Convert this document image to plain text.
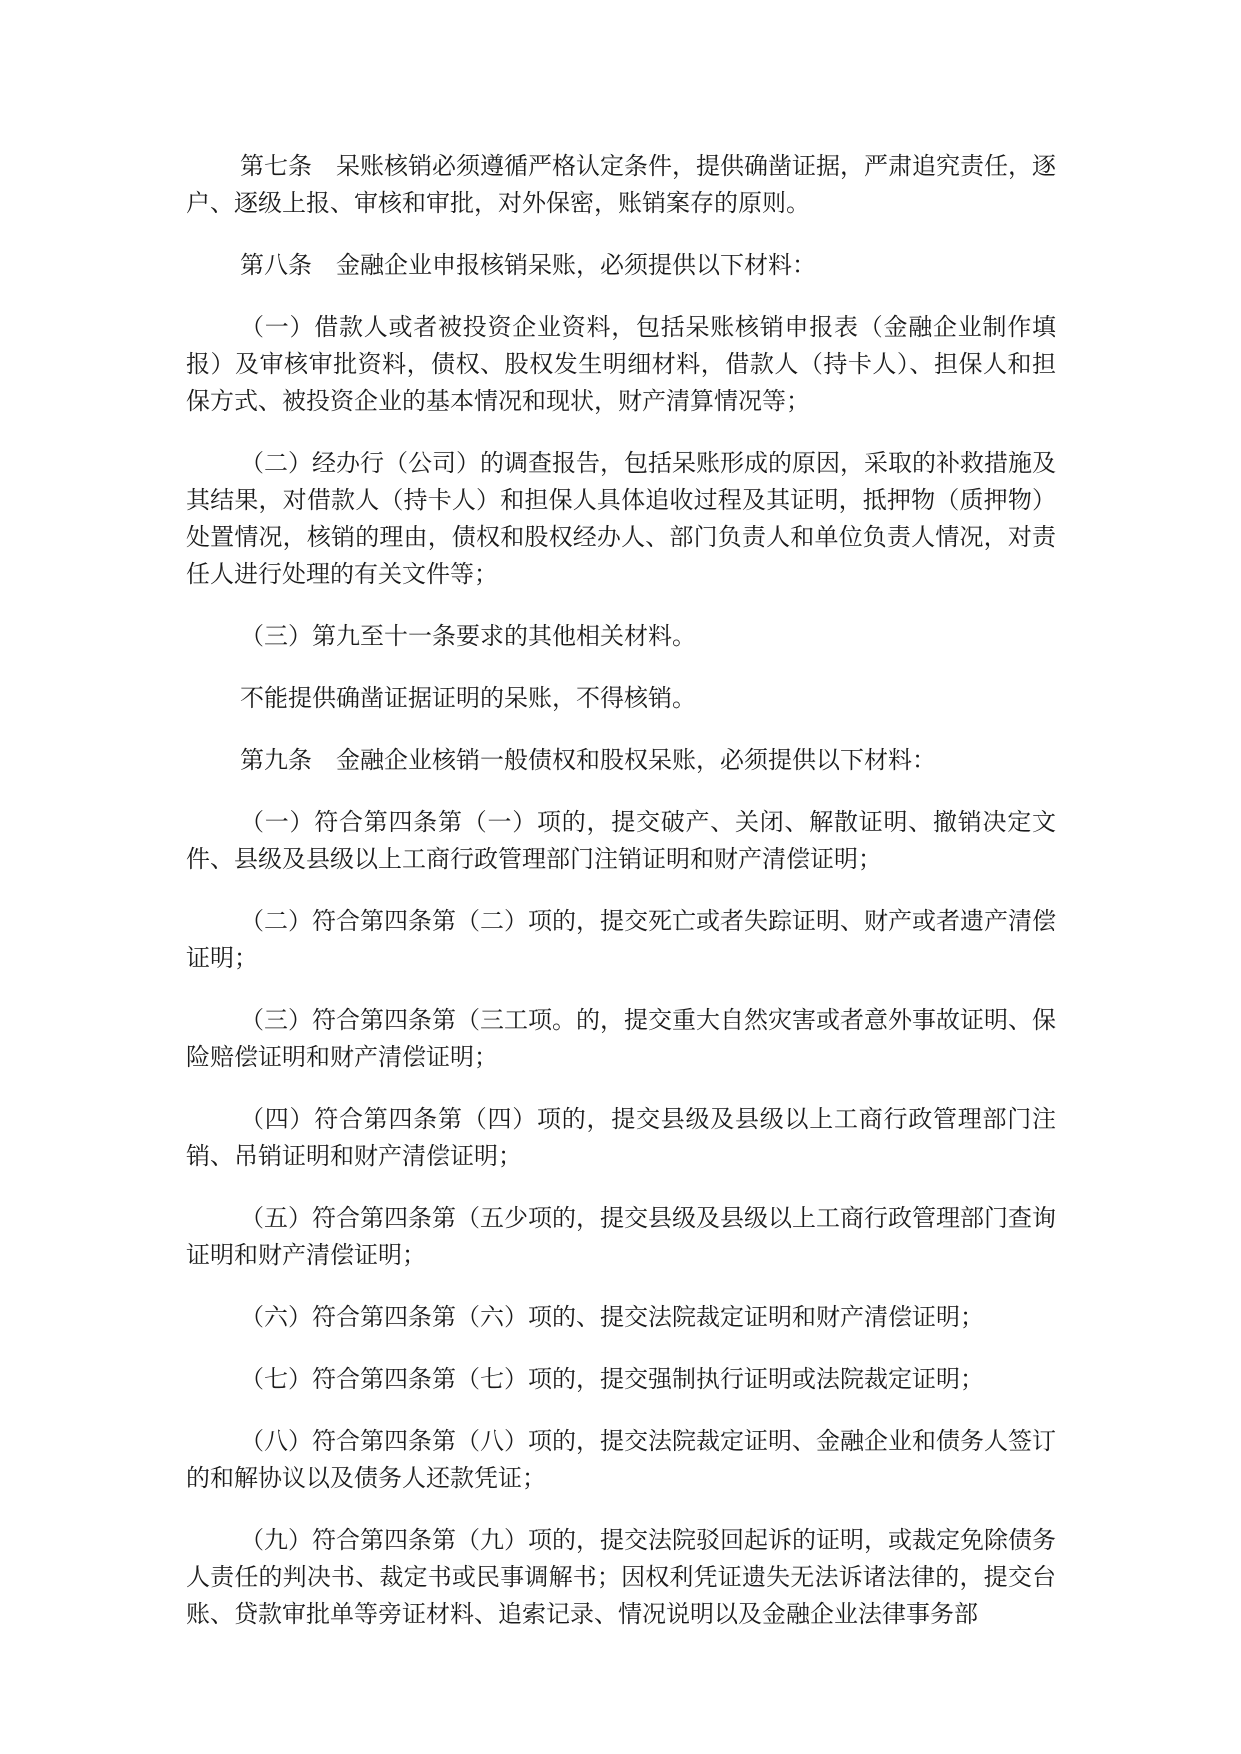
第七条　呆账核销必须遵循严格认定条件，提供确凿证据，严肃追究责任，逐户、逐级上报、审核和审批，对外保密，账销案存的原则。

第八条　金融企业申报核销呆账，必须提供以下材料：

（一）借款人或者被投资企业资料，包括呆账核销申报表（金融企业制作填报）及审核审批资料，债权、股权发生明细材料，借款人（持卡人）、担保人和担保方式、被投资企业的基本情况和现状，财产清算情况等；

（二）经办行（公司）的调查报告，包括呆账形成的原因，采取的补救措施及其结果，对借款人（持卡人）和担保人具体追收过程及其证明，抵押物（质押物）处置情况，核销的理由，债权和股权经办人、部门负责人和单位负责人情况，对责任人进行处理的有关文件等；

（三）第九至十一条要求的其他相关材料。

不能提供确凿证据证明的呆账，不得核销。

第九条　金融企业核销一般债权和股权呆账，必须提供以下材料：

（一）符合第四条第（一）项的，提交破产、关闭、解散证明、撤销决定文件、县级及县级以上工商行政管理部门注销证明和财产清偿证明；

（二）符合第四条第（二）项的，提交死亡或者失踪证明、财产或者遗产清偿证明；

（三）符合第四条第（三工项。的，提交重大自然灾害或者意外事故证明、保险赔偿证明和财产清偿证明；

（四）符合第四条第（四）项的，提交县级及县级以上工商行政管理部门注销、吊销证明和财产清偿证明；

（五）符合第四条第（五少项的，提交县级及县级以上工商行政管理部门查询证明和财产清偿证明；

（六）符合第四条第（六）项的、提交法院裁定证明和财产清偿证明；

（七）符合第四条第（七）项的，提交强制执行证明或法院裁定证明；

（八）符合第四条第（八）项的，提交法院裁定证明、金融企业和债务人签订的和解协议以及债务人还款凭证；

（九）符合第四条第（九）项的，提交法院驳回起诉的证明，或裁定免除债务人责任的判决书、裁定书或民事调解书；因权利凭证遗失无法诉诸法律的，提交台账、贷款审批单等旁证材料、追索记录、情况说明以及金融企业法律事务部
